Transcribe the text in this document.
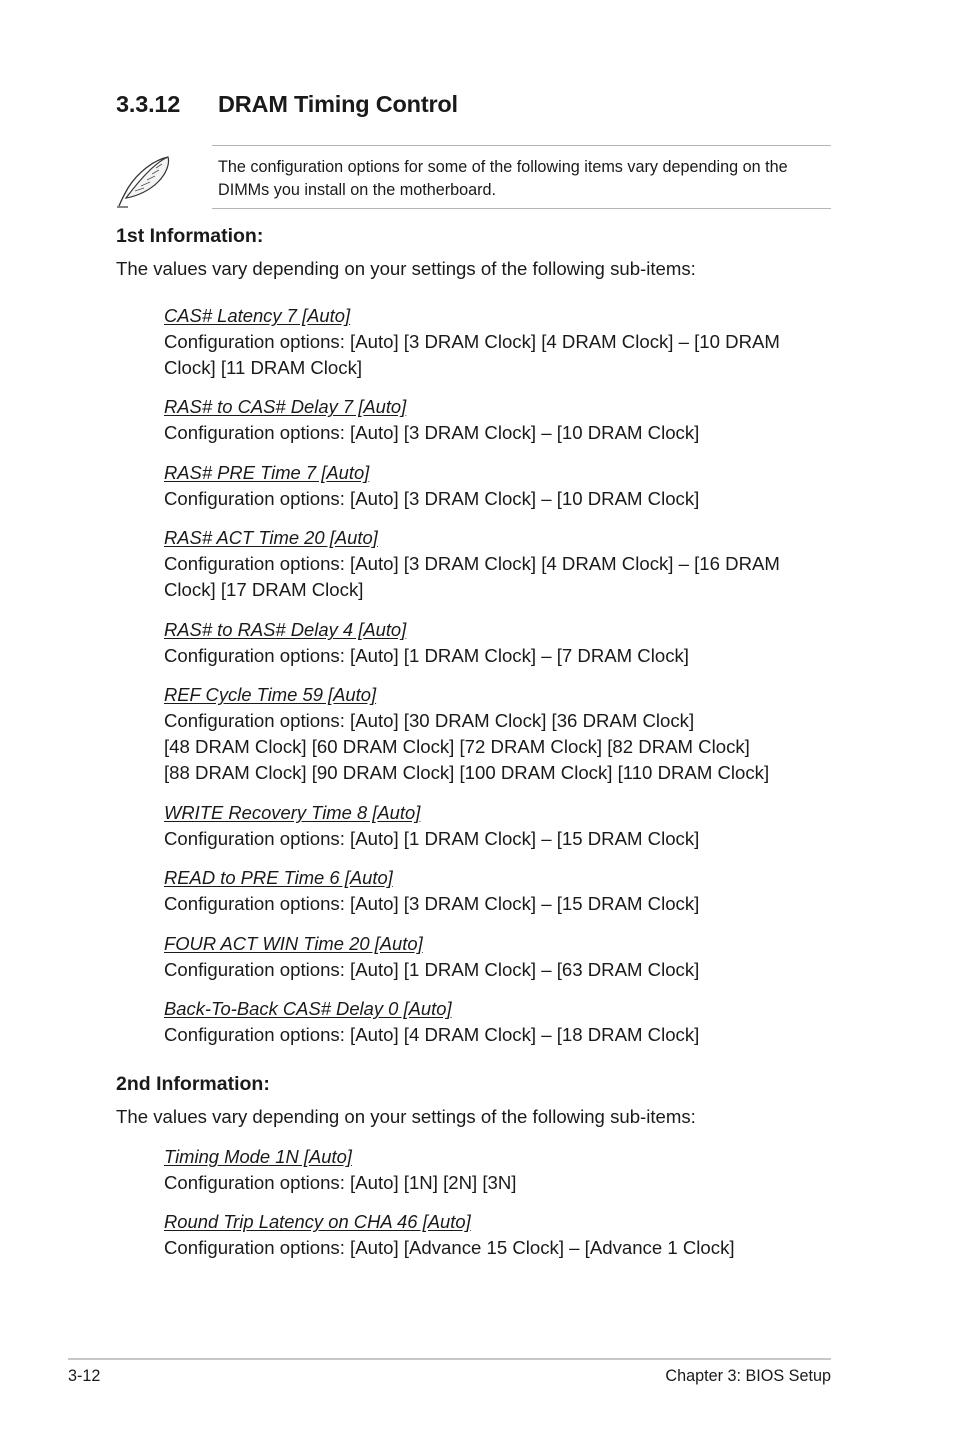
3.3.12 DRAM Timing Control
The configuration options for some of the following items vary depending on the DIMMs you install on the motherboard.
1st Information:
The values vary depending on your settings of the following sub-items:
CAS# Latency 7 [Auto]
Configuration options: [Auto] [3 DRAM Clock] [4 DRAM Clock] – [10 DRAM
Clock] [11 DRAM Clock]
RAS# to CAS# Delay 7 [Auto]
Configuration options: [Auto] [3 DRAM Clock] – [10 DRAM Clock]
RAS# PRE Time 7 [Auto]
Configuration options: [Auto] [3 DRAM Clock] – [10 DRAM Clock]
RAS# ACT Time 20 [Auto]
Configuration options: [Auto] [3 DRAM Clock] [4 DRAM Clock] – [16 DRAM
Clock] [17 DRAM Clock]
RAS# to RAS# Delay 4 [Auto]
Configuration options: [Auto] [1 DRAM Clock] – [7 DRAM Clock]
REF Cycle Time 59 [Auto]
Configuration options: [Auto] [30 DRAM Clock] [36 DRAM Clock]
[48 DRAM Clock] [60 DRAM Clock] [72 DRAM Clock] [82 DRAM Clock]
[88 DRAM Clock] [90 DRAM Clock] [100 DRAM Clock] [110 DRAM Clock]
WRITE Recovery Time 8 [Auto]
Configuration options: [Auto] [1 DRAM Clock] – [15 DRAM Clock]
READ to PRE Time 6 [Auto]
Configuration options: [Auto] [3 DRAM Clock] – [15 DRAM Clock]
FOUR ACT WIN Time 20 [Auto]
Configuration options: [Auto] [1 DRAM Clock] – [63 DRAM Clock]
Back-To-Back CAS# Delay 0 [Auto]
Configuration options: [Auto] [4 DRAM Clock] – [18 DRAM Clock]
2nd Information:
The values vary depending on your settings of the following sub-items:
Timing Mode 1N [Auto]
Configuration options: [Auto] [1N] [2N] [3N]
Round Trip Latency on CHA 46 [Auto]
Configuration options: [Auto] [Advance 15 Clock] – [Advance 1 Clock]
3-12	Chapter 3: BIOS Setup
